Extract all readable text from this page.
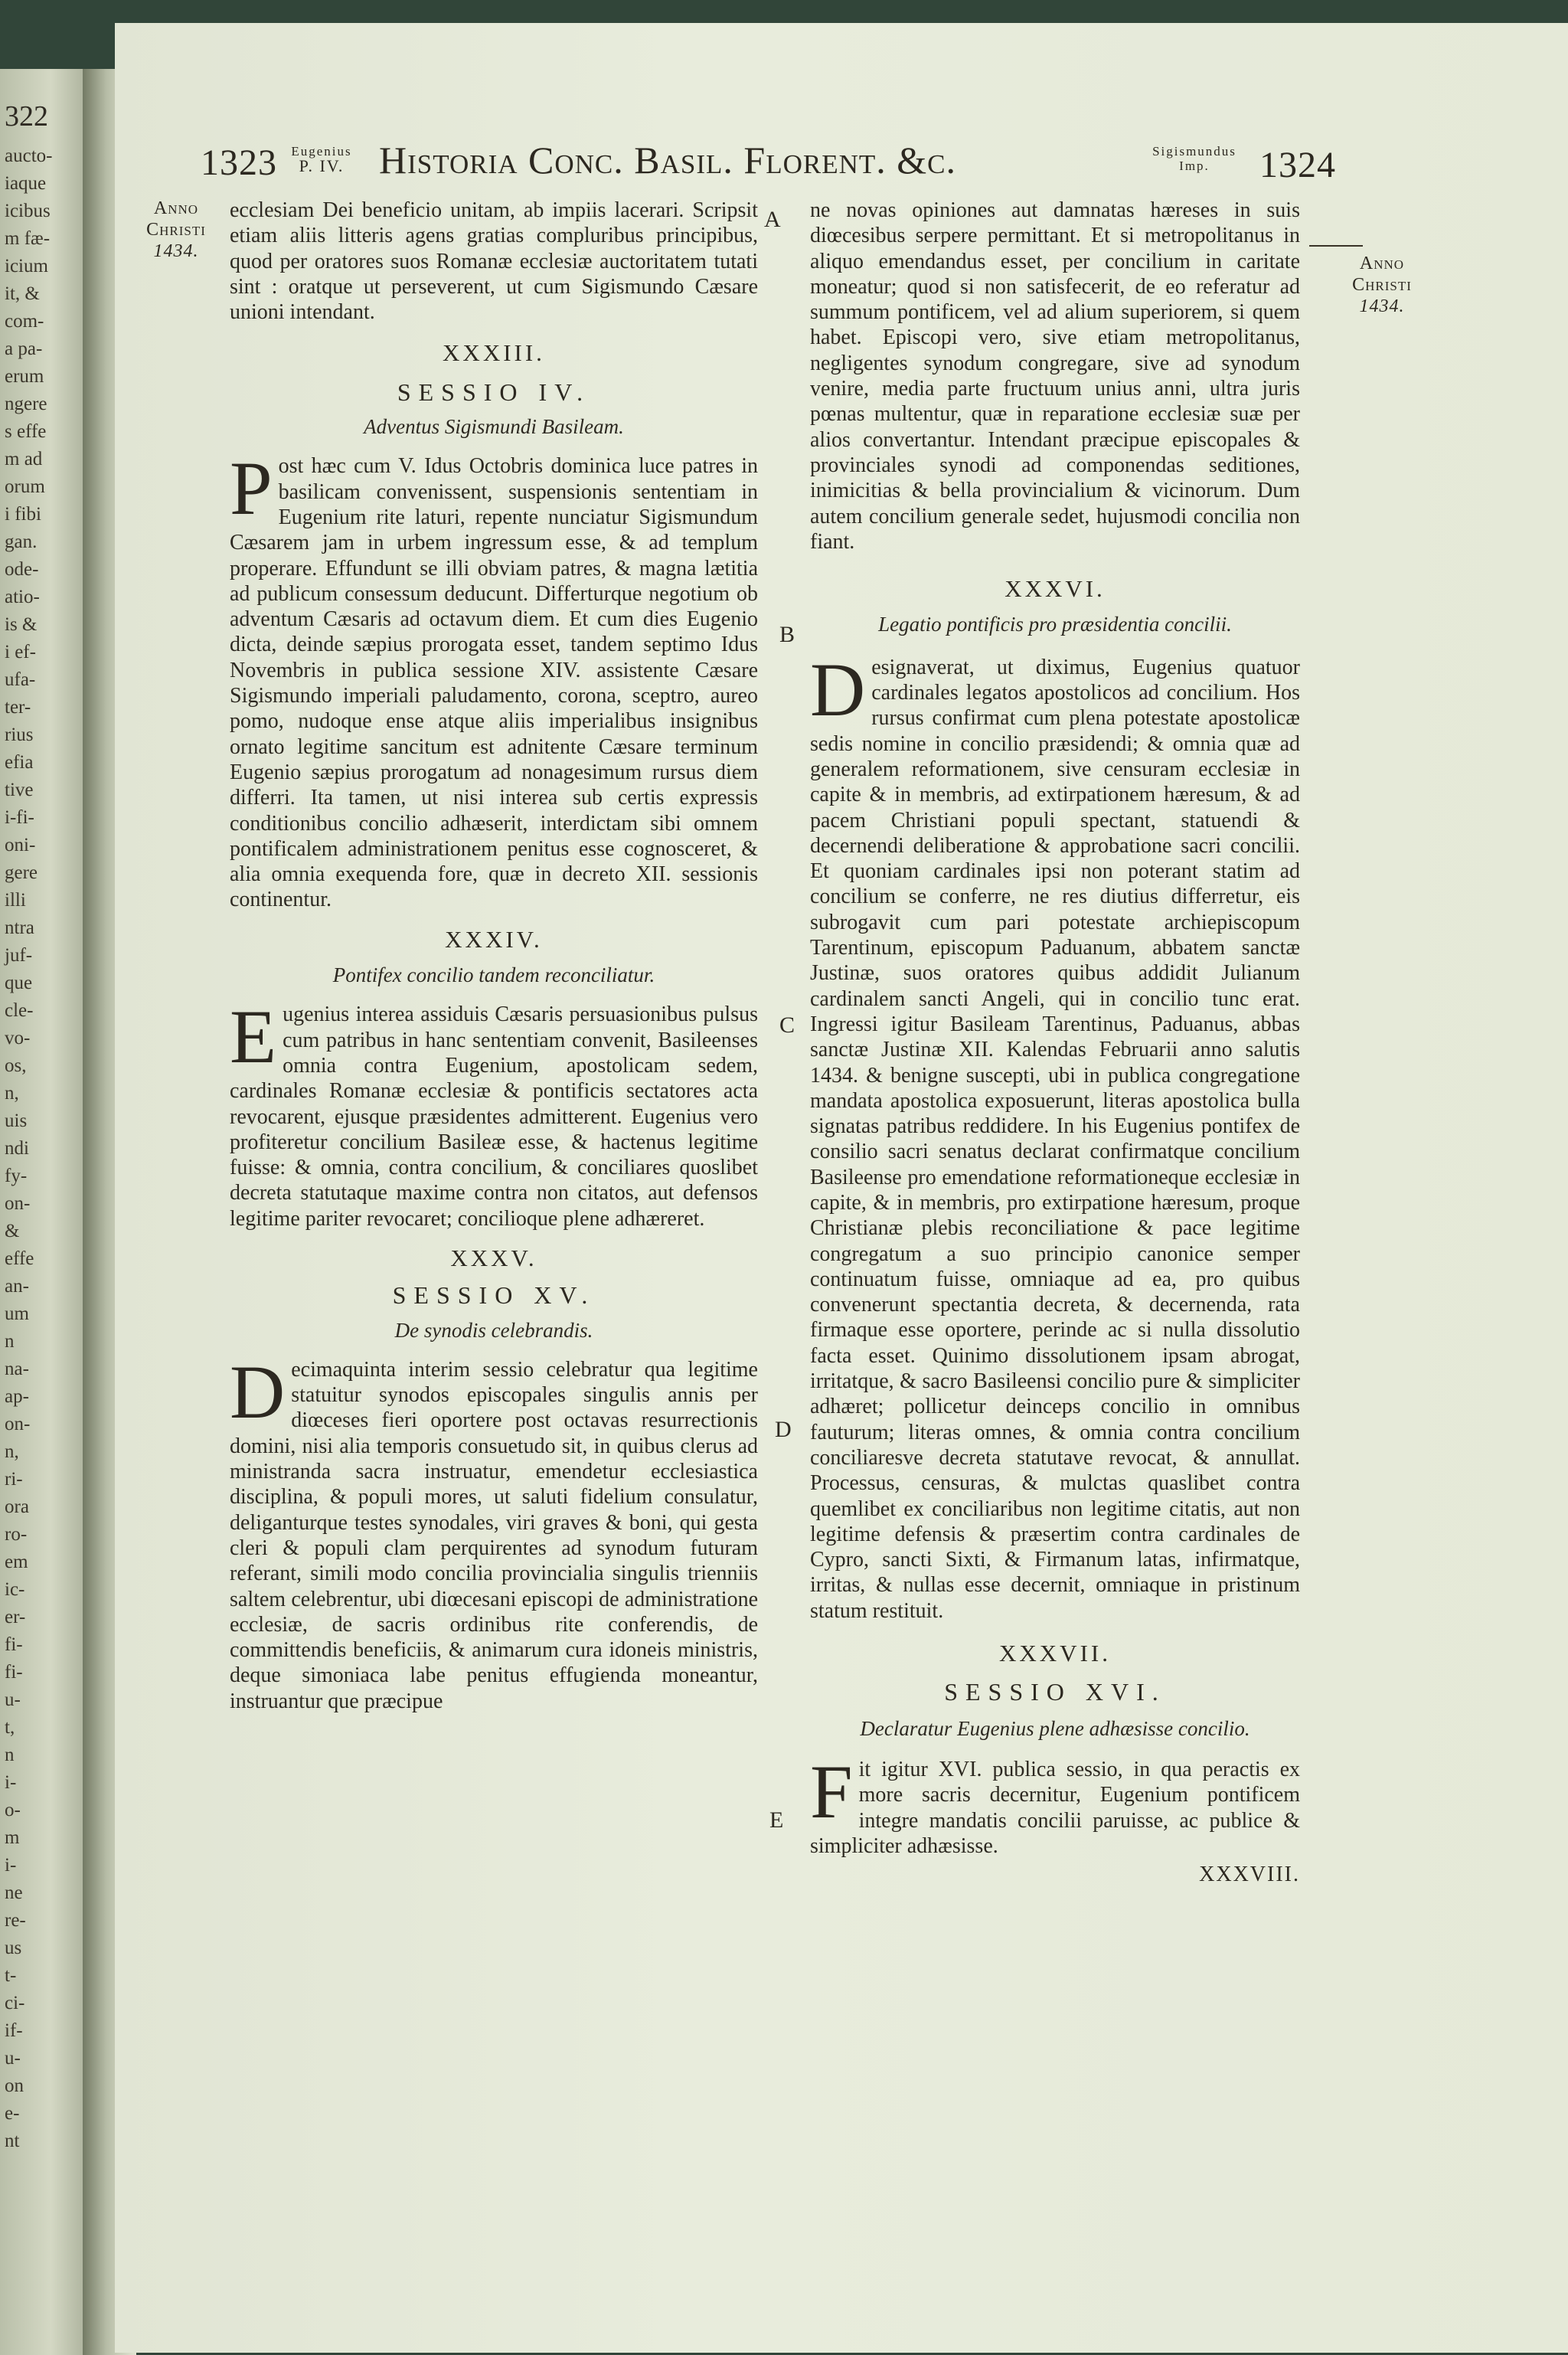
322
aucto-
iaque
icibus
m fæ-
icium
it, &
com-
a pa-
erum
ngere
s effe
m ad
orum
i fibi
gan.
ode-
atio-
is &
i ef-
ufa-
ter-
rius
efia
tive
i-fi-
oni-
gere
illi
ntra
juf-
que
cle-
vo-
os,
n,
uis
ndi
fy-
on-
&
effe
an-
um
n
na-
ap-
on-
n,
ri-
ora
ro-
em
ic-
er-
fi-
fi-
u-
t,
n
i-
o-
m
i-
ne
re-
us
t-
ci-
if-
u-
on
e-
nt
1323	Eugenius
P. IV. Historia Conc. Basil. Florent. &c.	Sigismundus
Imp.	1324
Anno
Christi
1434.
Anno
Christi
1434.
A
B
C
D
E

ecclesiam Dei beneficio unitam, ab impiis lacerari. Scripsit etiam aliis litteris agens gratias compluribus principibus, quod per oratores suos Romanæ ecclesiæ auctoritatem tutati sint : oratque ut perseverent, ut cum Sigismundo Cæsare unioni intendant.

XXXIII.
SESSIO IV.
Adventus Sigismundi Basileam.

Post hæc cum V. Idus Octobris dominica luce patres in basilicam convenissent, suspensionis sententiam in Eugenium rite laturi, repente nunciatur Sigismundum Cæsarem jam in urbem ingressum esse, & ad templum properare. Effundunt se illi obviam patres, & magna lætitia ad publicum consessum deducunt. Differturque negotium ob adventum Cæsaris ad octavum diem. Et cum dies Eugenio dicta, deinde sæpius prorogata esset, tandem septimo Idus Novembris in publica sessione XIV. assistente Cæsare Sigismundo imperiali paludamento, corona, sceptro, aureo pomo, nudoque ense atque aliis imperialibus insignibus ornato legitime sancitum est adnitente Cæsare terminum Eugenio sæpius prorogatum ad nonagesimum rursus diem differri. Ita tamen, ut nisi interea sub certis expressis conditionibus concilio adhæserit, interdictam sibi omnem pontificalem administrationem penitus esse cognosceret, & alia omnia exequenda fore, quæ in decreto XII. sessionis continentur.

XXXIV.
Pontifex concilio tandem reconciliatur.

Eugenius interea assiduis Cæsaris persuasionibus pulsus cum patribus in hanc sententiam convenit, Basileenses omnia contra Eugenium, apostolicam sedem, cardinales Romanæ ecclesiæ & pontificis sectatores acta revocarent, ejusque præsidentes admitterent. Eugenius vero profiteretur concilium Basileæ esse, & hactenus legitime fuisse: & omnia, contra concilium, & conciliares quoslibet decreta statutaque maxime contra non citatos, aut defensos legitime pariter revocaret; concilioque plene adhæreret.

XXXV.
SESSIO XV.
De synodis celebrandis.

Decimaquinta interim sessio celebratur qua legitime statuitur synodos episcopales singulis annis per diœceses fieri oportere post octavas resurrectionis domini, nisi alia temporis consuetudo sit, in quibus clerus ad ministranda sacra instruatur, emendetur ecclesiastica disciplina, & populi mores, ut saluti fidelium consulatur, deliganturque testes synodales, viri graves & boni, qui gesta cleri & populi clam perquirentes ad synodum futuram referant, simili modo concilia provincialia singulis trienniis saltem celebrentur, ubi diœcesani episcopi de administratione ecclesiæ, de sacris ordinibus rite conferendis, de committendis beneficiis, & animarum cura idoneis ministris, deque simoniaca labe penitus effugienda moneantur, instruantur que præcipue

ne novas opiniones aut damnatas hæreses in suis diœcesibus serpere permittant. Et si metropolitanus in aliquo emendandus esset, per concilium in caritate moneatur; quod si non satisfecerit, de eo referatur ad summum pontificem, vel ad alium superiorem, si quem habet. Episcopi vero, sive etiam metropolitanus, negligentes synodum congregare, sive ad synodum venire, media parte fructuum unius anni, ultra juris pœnas multentur, quæ in reparatione ecclesiæ suæ per alios convertantur. Intendant præcipue episcopales & provinciales synodi ad componendas seditiones, inimicitias & bella provincialium & vicinorum. Dum autem concilium generale sedet, hujusmodi concilia non fiant.

XXXVI.
Legatio pontificis pro præsidentia concilii.

Designaverat, ut diximus, Eugenius quatuor cardinales legatos apostolicos ad concilium. Hos rursus confirmat cum plena potestate apostolicæ sedis nomine in concilio præsidendi; & omnia quæ ad generalem reformationem, sive censuram ecclesiæ in capite & in membris, ad extirpationem hæresum, & ad pacem Christiani populi spectant, statuendi & decernendi deliberatione & approbatione sacri concilii. Et quoniam cardinales ipsi non poterant statim ad concilium se conferre, ne res diutius differretur, eis subrogavit cum pari potestate archiepiscopum Tarentinum, episcopum Paduanum, abbatem sanctæ Justinæ, suos oratores quibus addidit Julianum cardinalem sancti Angeli, qui in concilio tunc erat. Ingressi igitur Basileam Tarentinus, Paduanus, abbas sanctæ Justinæ XII. Kalendas Februarii anno salutis 1434. & benigne suscepti, ubi in publica congregatione mandata apostolica exposuerunt, literas apostolica bulla signatas patribus reddidere. In his Eugenius pontifex de consilio sacri senatus declarat confirmatque concilium Basileense pro emendatione reformationeque ecclesiæ in capite, & in membris, pro extirpatione hæresum, proque Christianæ plebis reconciliatione & pace legitime congregatum a suo principio canonice semper continuatum fuisse, omniaque ad ea, pro quibus convenerunt spectantia decreta, & decernenda, rata firmaque esse oportere, perinde ac si nulla dissolutio facta esset. Quinimo dissolutionem ipsam abrogat, irritatque, & sacro Basileensi concilio pure & simpliciter adhæret; pollicetur deinceps concilio in omnibus fauturum; literas omnes, & omnia contra concilium conciliaresve decreta statutave revocat, & annullat. Processus, censuras, & mulctas quaslibet contra quemlibet ex conciliaribus non legitime citatis, aut non legitime defensis & præsertim contra cardinales de Cypro, sancti Sixti, & Firmanum latas, infirmatque, irritas, & nullas esse decernit, omniaque in pristinum statum restituit.

XXXVII.
SESSIO XVI.
Declaratur Eugenius plene adhæsisse concilio.

Fit igitur XVI. publica sessio, in qua peractis ex more sacris decernitur, Eugenium pontificem integre mandatis concilii paruisse, ac publice & simpliciter adhæsisse.

XXXVIII.
